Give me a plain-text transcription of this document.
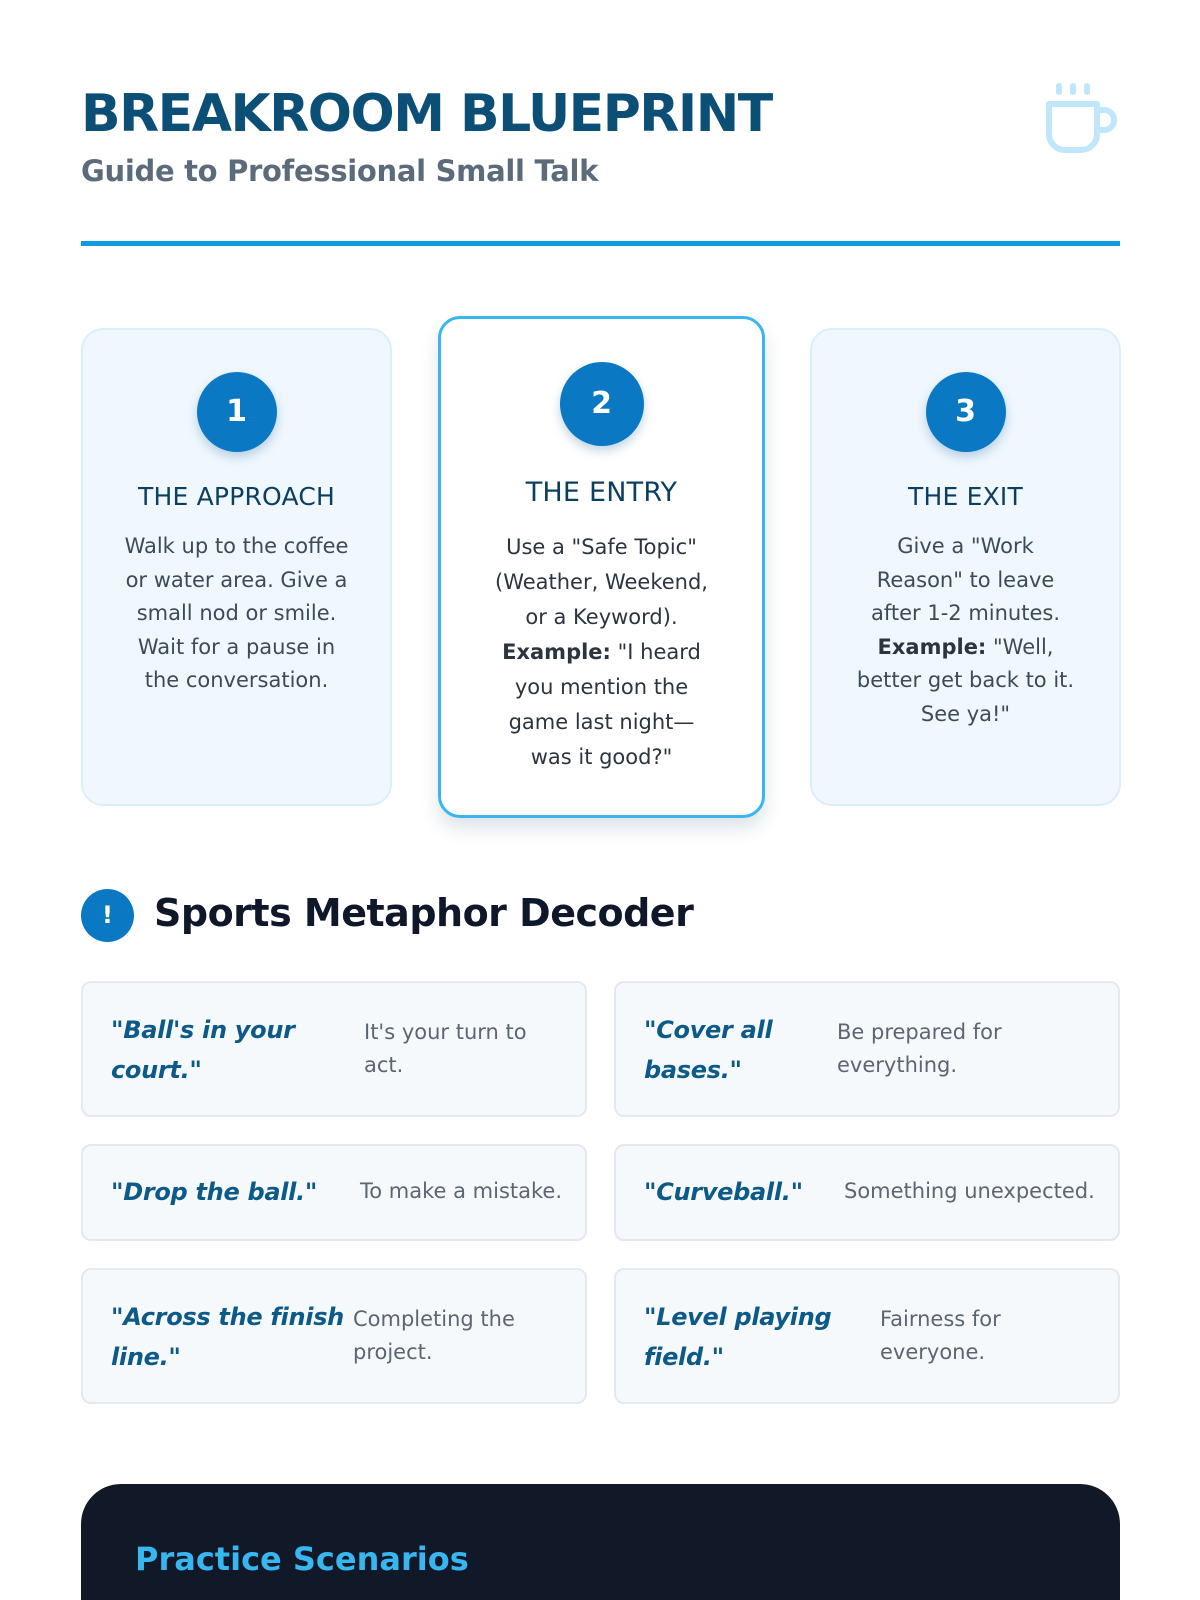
BREAKROOM BLUEPRINT
Guide to Professional Small Talk
1
THE APPROACH
Walk up to the coffee
or water area. Give a
small nod or smile.
Wait for a pause in
the conversation.
2
THE ENTRY
Use a "Safe Topic"
(Weather, Weekend,
or a Keyword).
Example: "I heard
you mention the
game last night—
was it good?"
3
THE EXIT
Give a "Work
Reason" to leave
after 1-2 minutes.
Example: "Well,
better get back to it.
See ya!"
!	Sports Metaphor Decoder
"Ball's in your
court."
It's your turn to
act.
"Cover all
bases."
Be prepared for
everything.
"Drop the ball." To make a mistake.	"Curveball." Something unexpected.
"Across the finish
line."
Completing the
project.
"Level playing
field."
Fairness for
everyone.
Practice Scenarios
